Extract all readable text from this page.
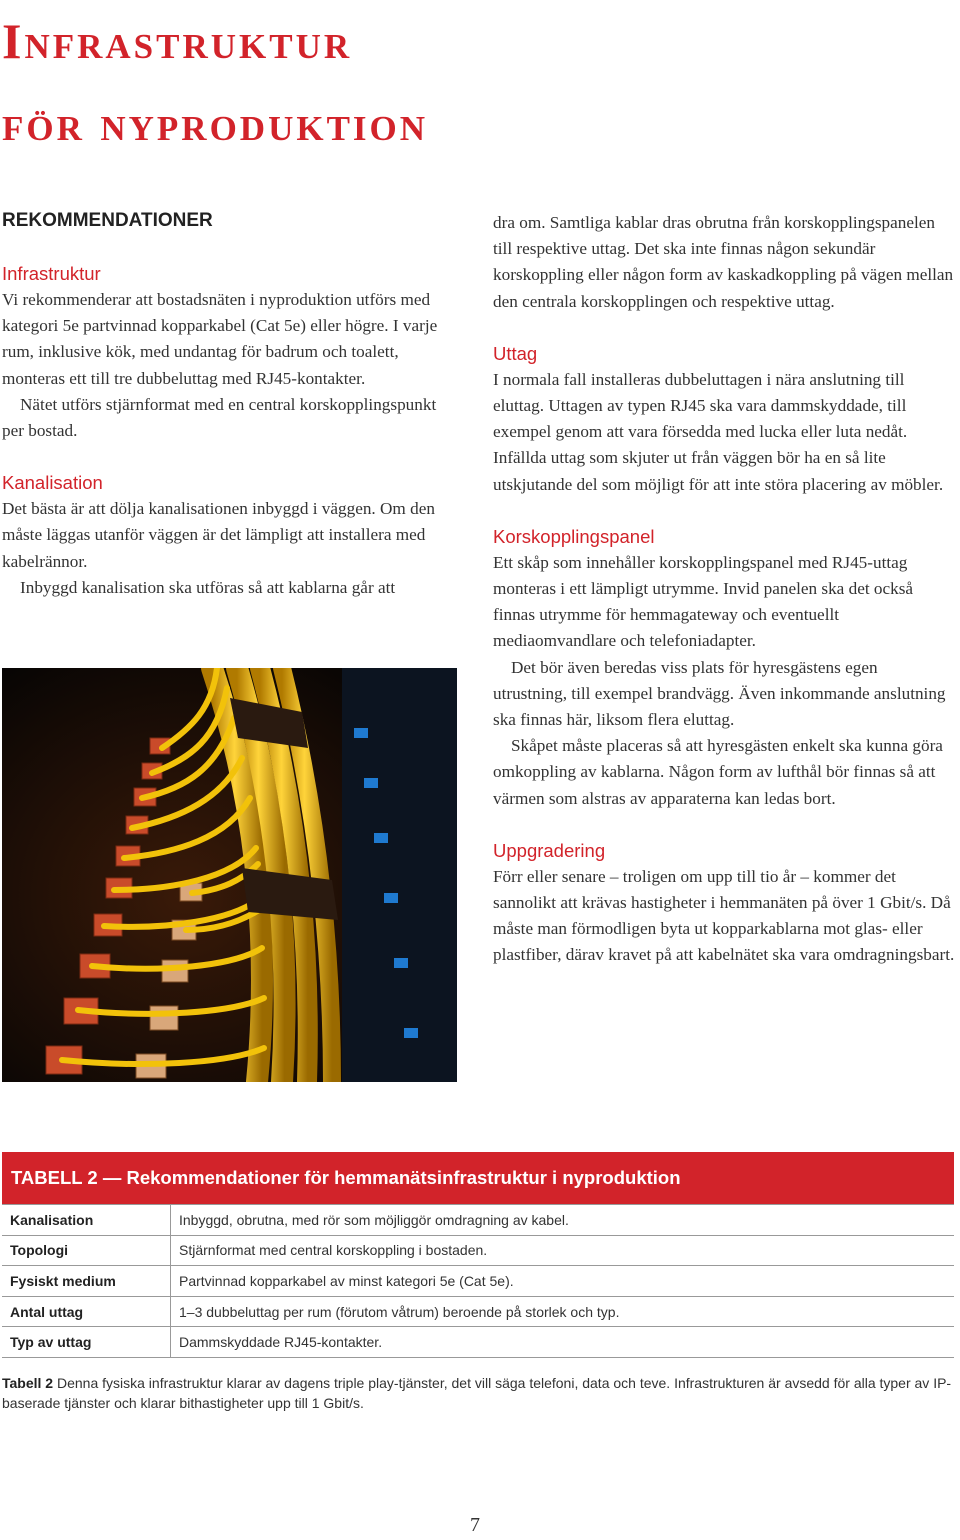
Infrastruktur
för nyproduktion
REKOMMENDATIONER
Infrastruktur

Vi rekommenderar att bostadsnäten i nyproduktion utförs med kategori 5e partvinnad kopparkabel (Cat 5e) eller högre. I varje rum, inklusive kök, med undantag för badrum och toalett, monteras ett till tre dubbeluttag med RJ45-kontakter.

Nätet utförs stjärnformat med en central korskopplingspunkt per bostad.

Kanalisation

Det bästa är att dölja kanalisationen inbyggd i väggen. Om den måste läggas utanför väggen är det lämpligt att installera med kabelrännor.

Inbyggd kanalisation ska utföras så att kablarna går att

dra om. Samtliga kablar dras obrutna från korskopplingspanelen till respektive uttag. Det ska inte finnas någon sekundär korskoppling eller någon form av kaskadkoppling på vägen mellan den centrala korskopplingen och respektive uttag.

Uttag

I normala fall installeras dubbeluttagen i nära anslutning till eluttag. Uttagen av typen RJ45 ska vara dammskyddade, till exempel genom att vara försedda med lucka eller luta nedåt. Infällda uttag som skjuter ut från väggen bör ha en så lite utskjutande del som möjligt för att inte störa placering av möbler.

Korskopplingspanel

Ett skåp som innehåller korskopplingspanel med RJ45-uttag monteras i ett lämpligt utrymme. Invid panelen ska det också finnas utrymme för hemmagateway och eventuellt mediaomvandlare och telefoniadapter.

Det bör även beredas viss plats för hyresgästens egen utrustning, till exempel brandvägg. Även inkommande anslutning ska finnas här, liksom flera eluttag.

Skåpet måste placeras så att hyresgästen enkelt ska kunna göra omkoppling av kablarna. Någon form av lufthål bör finnas så att värmen som alstras av apparaterna kan ledas bort.

Uppgradering

Förr eller senare – troligen om upp till tio år – kommer det sannolikt att krävas hastigheter i hemmanäten på över 1 Gbit/s. Då måste man förmodligen byta ut kopparkablarna mot glas- eller plastfiber, därav kravet på att kabelnätet ska vara omdragningsbart.

TABELL 2 — Rekommendationer för hemmanätsinfrastruktur i nyproduktion
Kanalisation	Inbyggd, obrutna, med rör som möjliggör omdragning av kabel.
Topologi	Stjärnformat med central korskoppling i bostaden.
Fysiskt medium	Partvinnad kopparkabel av minst kategori 5e (Cat 5e).
Antal uttag	1–3 dubbeluttag per rum (förutom våtrum) beroende på storlek och typ.
Typ av uttag	Dammskyddade RJ45-kontakter.
Tabell 2 Denna fysiska infrastruktur klarar av dagens triple play-tjänster, det vill säga telefoni, data och teve. Infrastrukturen är avsedd för alla typer av IP-baserade tjänster och klarar bithastigheter upp till 1 Gbit/s.
7
